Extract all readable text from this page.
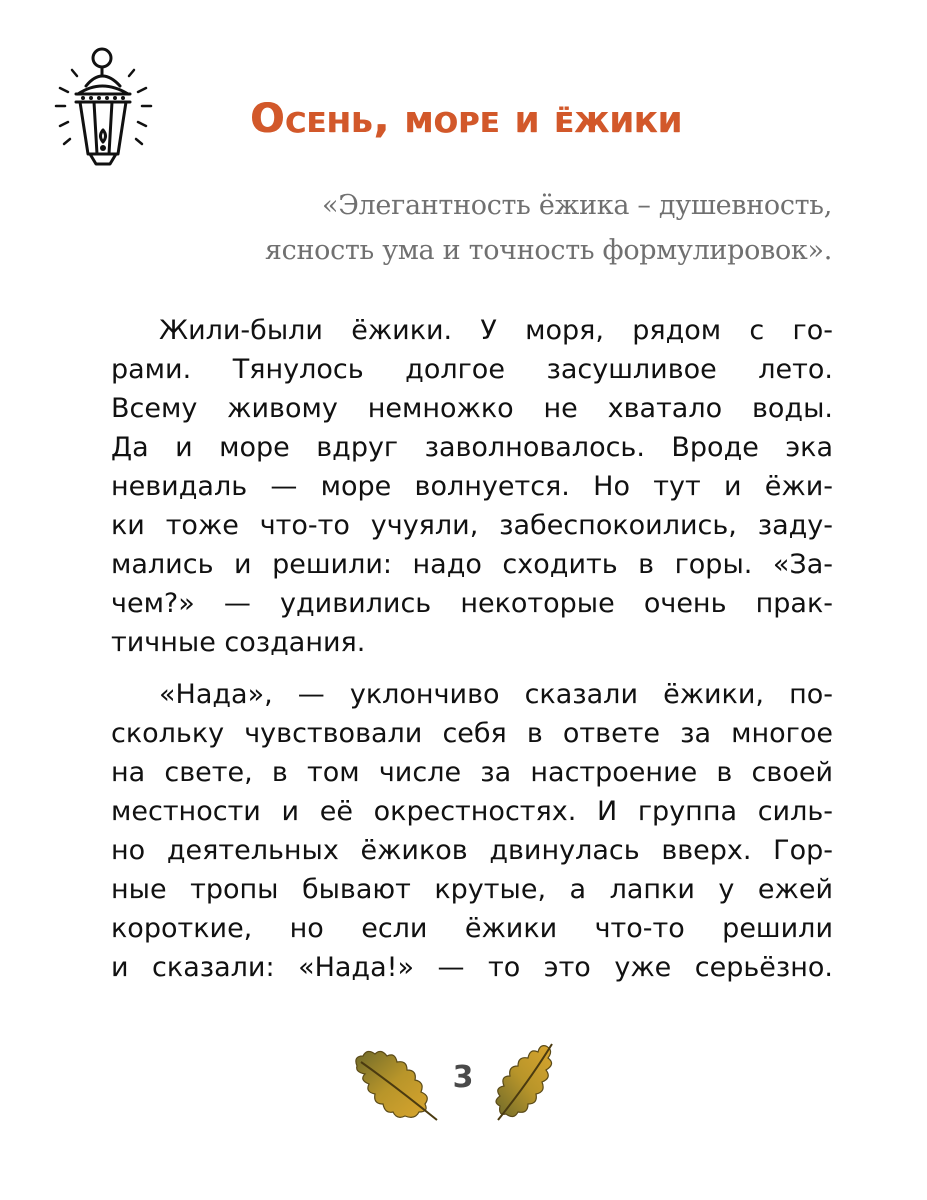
Осень, море и ёжики
«Элегантность ёжика – душевность,
ясность ума и точность формулировок».
Жили-были ёжики. У моря, рядом с го-
рами. Тянулось долгое засушливое лето.
Всему живому немножко не хватало воды.
Да и море вдруг заволновалось. Вроде эка
невидаль — море волнуется. Но тут и ёжи-
ки тоже что-то учуяли, забеспокоились, заду-
мались и решили: надо сходить в горы. «За-
чем?» — удивились некоторые очень прак-
тичные создания.
«Нада», — уклончиво сказали ёжики, по-
скольку чувствовали себя в ответе за многое
на свете, в том числе за настроение в своей
местности и её окрестностях. И группа силь-
но деятельных ёжиков двинулась вверх. Гор-
ные тропы бывают крутые, а лапки у ежей
короткие, но если ёжики что-то решили
и сказали: «Нада!» — то это уже серьёзно.
3
